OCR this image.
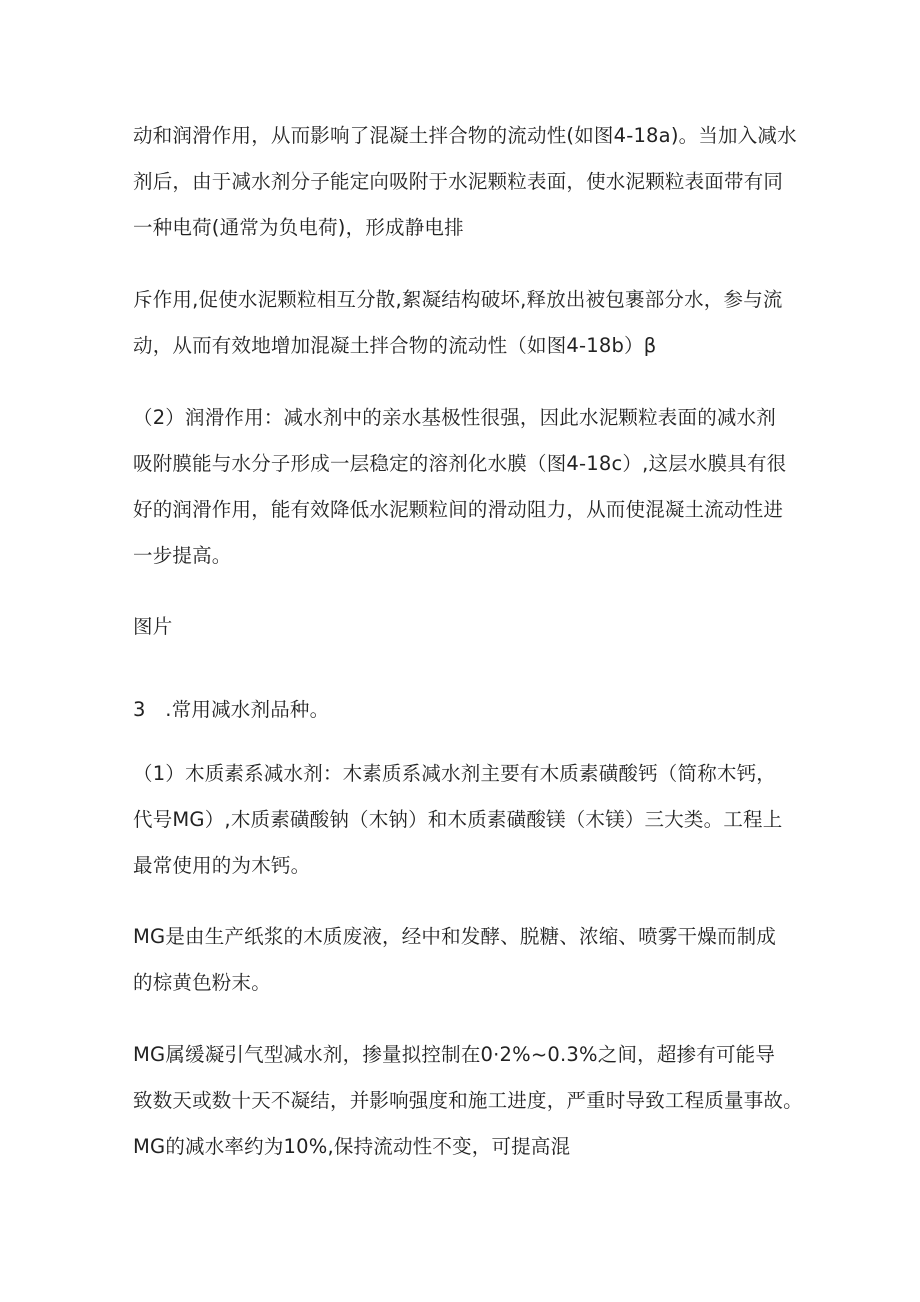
动和润滑作用，从而影响了混凝土拌合物的流动性(如图4-18a)。当加入减水
剂后，由于减水剂分子能定向吸附于水泥颗粒表面，使水泥颗粒表面带有同
一种电荷(通常为负电荷)，形成静电排
斥作用,促使水泥颗粒相互分散,絮凝结构破坏,释放出被包裹部分水，参与流
动，从而有效地增加混凝土拌合物的流动性（如图4-18b）β
（2）润滑作用：减水剂中的亲水基极性很强，因此水泥颗粒表面的减水剂
吸附膜能与水分子形成一层稳定的溶剂化水膜（图4-18c）,这层水膜具有很
好的润滑作用，能有效降低水泥颗粒间的滑动阻力，从而使混凝土流动性进
一步提高。
图片
3　.常用减水剂品种。
（1）木质素系减水剂：木素质系减水剂主要有木质素磺酸钙（简称木钙，
代号MG）,木质素磺酸钠（木钠）和木质素磺酸镁（木镁）三大类。工程上
最常使用的为木钙。
MG是由生产纸浆的木质废液，经中和发酵、脱糖、浓缩、喷雾干燥而制成
的棕黄色粉末。
MG属缓凝引气型减水剂，掺量拟控制在0·2%~0.3%之间，超掺有可能导
致数天或数十天不凝结，并影响强度和施工进度，严重时导致工程质量事故。
MG的减水率约为10%,保持流动性不变，可提高混
